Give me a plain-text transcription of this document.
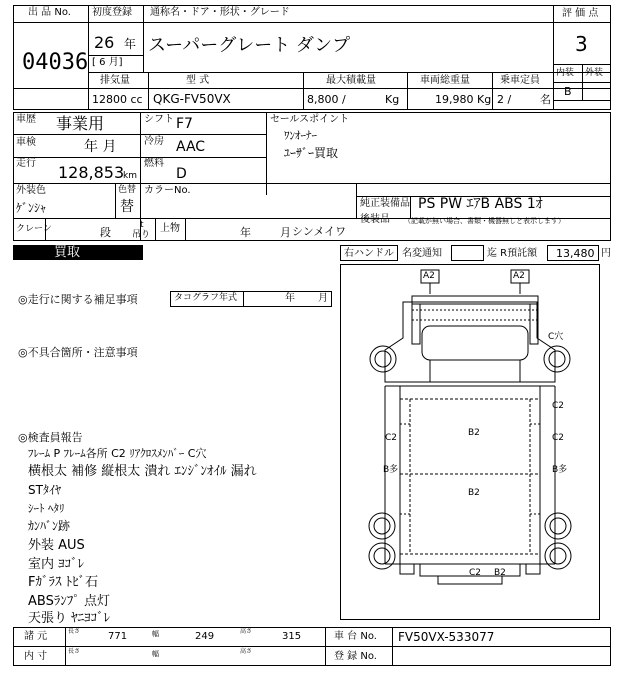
出 品 No.
04036
初度登録 通称名・ドア・形状・グレード
26 年
[ 6 月]
スーパーグレート ダンプ
評 価 点
3
内装 外装
B
排気量	型 式	最大積載量	車両総重量	乗車定員
12800 cc QKG-FV50VX	8,800 /	Kg	19,980 Kg 2 /	名
車歴 事業用	シフト F7
車検	年 月	冷房 AAC
走行 128,853
km
燃料
D
外装色
ｹﾞﾝｼｬ
色替
替
カラーNo.
セールスポイント
ﾜﾝｵｰﾅｰ
ﾕｰｻﾞｰ買取
純正装備品 PS PW ｴｱB ABS 1ｵ
後装品 （記載が無い場合、書類・機器無しと表示します）
クレーン	段
t
吊り
上物	年	月 シンメイワ
買取	右ハンドル 名変通知	迄 R預託額 13,480 円
◎走行に関する補足事項	タコグラフ年式	年 月
◎不具合箇所・注意事項
◎検査員報告
ﾌﾚｰﾑ P ﾌﾚｰﾑ各所 C2 ﾘｱｸﾛｽﾒﾝﾊﾞｰ C穴
横根太 補修 縦根太 潰れ ｴﾝｼﾞﾝｵｲﾙ 漏れ
STﾀｲﾔ
ｼｰﾄ ﾍﾀﾘ
ｶﾝﾊﾞﾝ跡
外装 AUS
室内 ﾖｺﾞﾚ
Fｶﾞﾗｽ ﾄﾋﾞ石
ABSﾗﾝﾌﾟ 点灯
天張り ﾔﾆﾖｺﾞﾚ
A2	A2
C穴
C2
C2	B2	C2
B多	B多
B2
C2 B2
諸 元	長さ	771	幅	249	高さ	315	車 台 No. FV50VX-533077
内 寸	長さ	幅	高さ	登 録 No.
